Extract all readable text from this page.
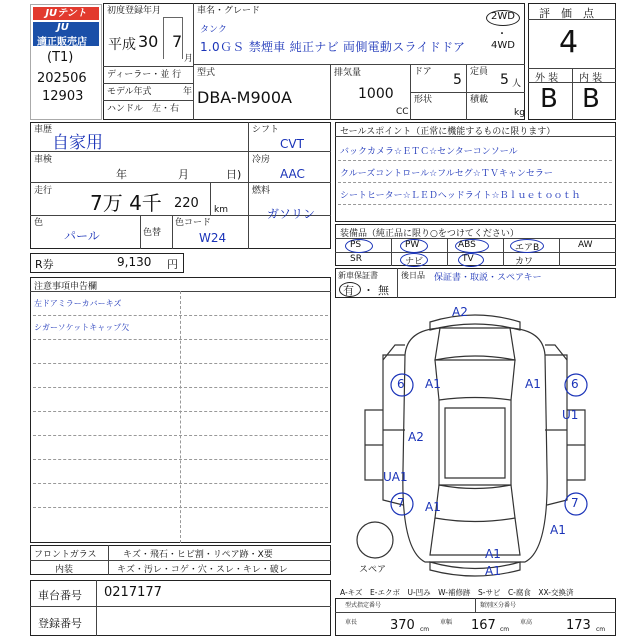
JUテント
JU
適正販売店
(T1)
202506
12903
初度登録年月
平成 30 7
月
ディーラー・並 行
モデル年式	年
ハンドル　左・右
車名・グレード
タンク
1.0ＧＳ 禁煙車 純正ナビ 両側電動スライドドア
2WD
・
4WD
型式
DBA-M900A
排気量
1000
CC
ドア 5 定員 5 人
形状	積載
kg
評　価　点
4
外 装 内 装
B B
車歴
自家用
車検
年	月	日)
走行 7万 4千 220 km
色
パール	色替
色コード
W24
シフト
CVT
冷房
AAC
燃料
ガソリン
R券	9,130 円
セールスポイント（正常に機能するものに限ります）
バックカメラ☆ＥＴＣ☆センターコンソール
クルーズコントロール☆フルセグ☆ＴＶキャンセラー
シートヒーター☆ＬＥＤヘッドライト☆Ｂｌｕｅｔｏｏｔｈ
装備品（純正品に限り○をつけてください）
PS	PW	ABS	エアB	AW
SR	ナビ	TV	カワ
新車保証書
有 ・ 無
後日品 保証書・取説・スペアキー
注意事項申告欄
左ドアミラーカバーキズ
シガーソケットキャップ欠
フロントガラス	キズ・飛石・ヒビ割・リペア跡・X要
内装	キズ・汚レ・コゲ・穴・スレ・キレ・破レ
車台番号 0217177
登録番号
A2
A1
6	A1	6
U1
A2
UA1
7 A1	7
A1
A1
A1
スペア
A-キズ　E-エクボ　U-凹み　W-補修跡　S-サビ　C-腐食　XX-交換済
型式指定番号	類別区分番号
車長	370 cm
車幅 167 cm
車高	173 cm
